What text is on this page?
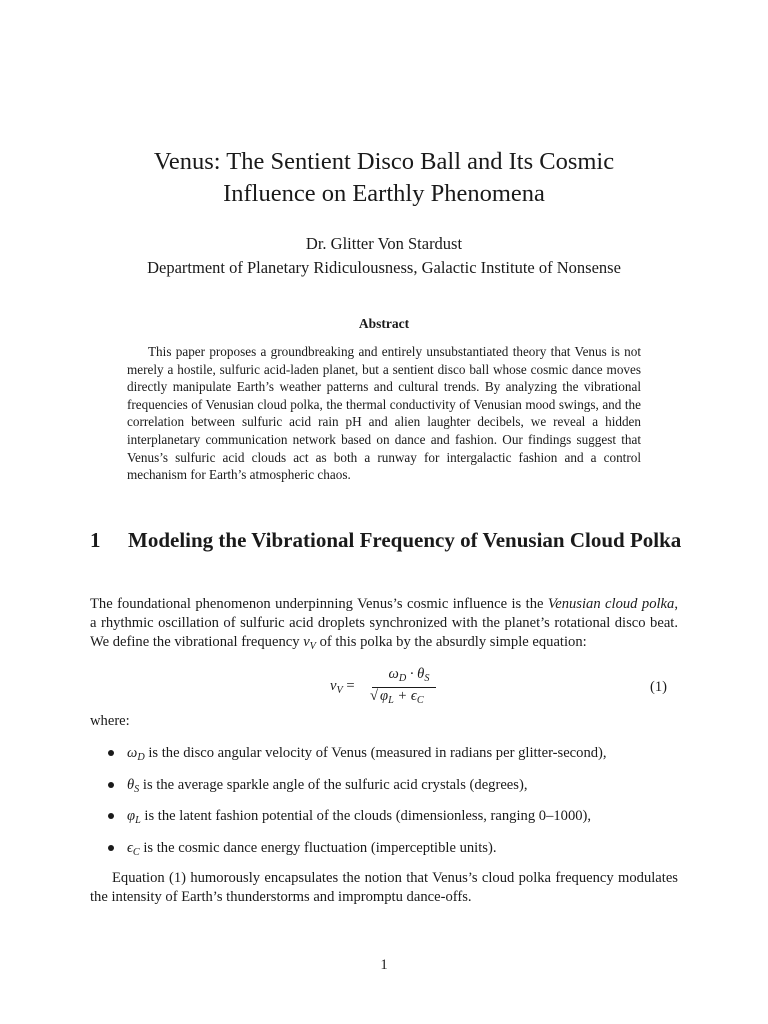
Venus: The Sentient Disco Ball and Its Cosmic
Influence on Earthly Phenomena
Dr. Glitter Von Stardust
Department of Planetary Ridiculousness, Galactic Institute of Nonsense
Abstract

This paper proposes a groundbreaking and entirely unsubstantiated theory that Venus is not merely a hostile, sulfuric acid-laden planet, but a sentient disco ball whose cosmic dance moves directly manipulate Earth’s weather patterns and cultural trends. By analyzing the vibrational frequencies of Venusian cloud polka, the thermal conductivity of Venusian mood swings, and the correlation between sulfuric acid rain pH and alien laughter decibels, we reveal a hidden interplanetary communication network based on dance and fashion. Our findings suggest that Venus’s sulfuric acid clouds act as both a runway for intergalactic fashion and a control mechanism for Earth’s atmospheric chaos.

1 Modeling the Vibrational Frequency of Venusian Cloud Polka

The foundational phenomenon underpinning Venus’s cosmic influence is the Venusian cloud polka, a rhythmic oscillation of sulfuric acid droplets synchronized with the planet’s rotational disco beat. We define the vibrational frequency $\nu_V$ of this polka by the absurdly simple equation:

$\nu_V$ =
$\omega_D \cdot \theta_S$
√ $\varphi_L + \epsilon_C$
(1)

where:

$\omega_D$ is the disco angular velocity of Venus (measured in radians per glitter-second),
$\theta_S$ is the average sparkle angle of the sulfuric acid crystals (degrees),
$\varphi_L$ is the latent fashion potential of the clouds (dimensionless, ranging 0–1000),
$\epsilon_C$ is the cosmic dance energy fluctuation (imperceptible units).

Equation (1) humorously encapsulates the notion that Venus’s cloud polka frequency modulates the intensity of Earth’s thunderstorms and impromptu dance-offs.

1
